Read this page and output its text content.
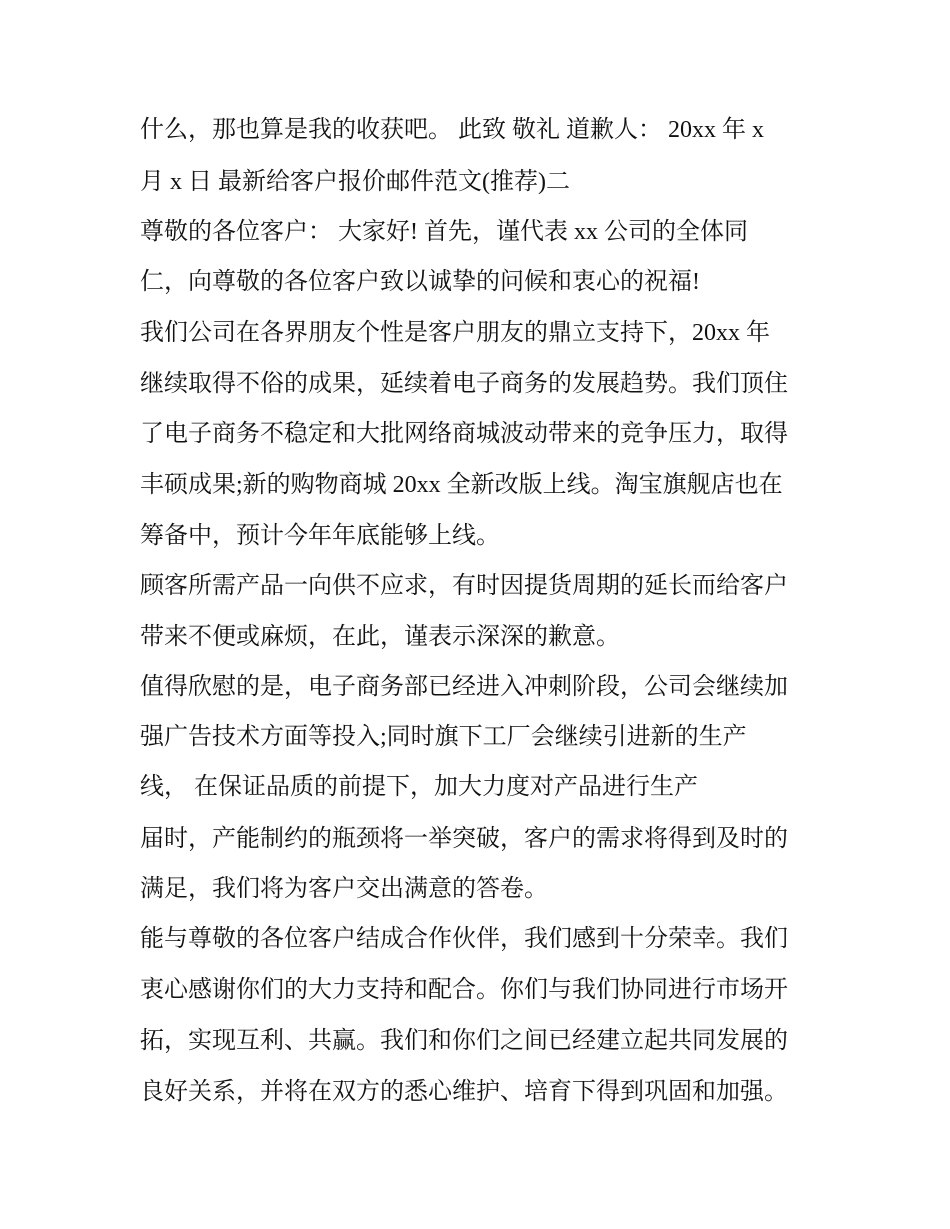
什么，那也算是我的收获吧。 此致 敬礼 道歉人： 20xx 年 x
月 x 日 最新给客户报价邮件范文(推荐)二
尊敬的各位客户： 大家好! 首先，谨代表 xx 公司的全体同
仁，向尊敬的各位客户致以诚挚的问候和衷心的祝福!
我们公司在各界朋友个性是客户朋友的鼎立支持下，20xx 年
继续取得不俗的成果，延续着电子商务的发展趋势。我们顶住
了电子商务不稳定和大批网络商城波动带来的竞争压力，取得
丰硕成果;新的购物商城 20xx 全新改版上线。淘宝旗舰店也在
筹备中，预计今年年底能够上线。
顾客所需产品一向供不应求，有时因提货周期的延长而给客户
带来不便或麻烦，在此，谨表示深深的歉意。
值得欣慰的是，电子商务部已经进入冲刺阶段，公司会继续加
强广告技术方面等投入;同时旗下工厂会继续引进新的生产
线， 在保证品质的前提下，加大力度对产品进行生产
届时，产能制约的瓶颈将一举突破，客户的需求将得到及时的
满足，我们将为客户交出满意的答卷。
能与尊敬的各位客户结成合作伙伴，我们感到十分荣幸。我们
衷心感谢你们的大力支持和配合。你们与我们协同进行市场开
拓，实现互利、共赢。我们和你们之间已经建立起共同发展的
良好关系，并将在双方的悉心维护、培育下得到巩固和加强。
